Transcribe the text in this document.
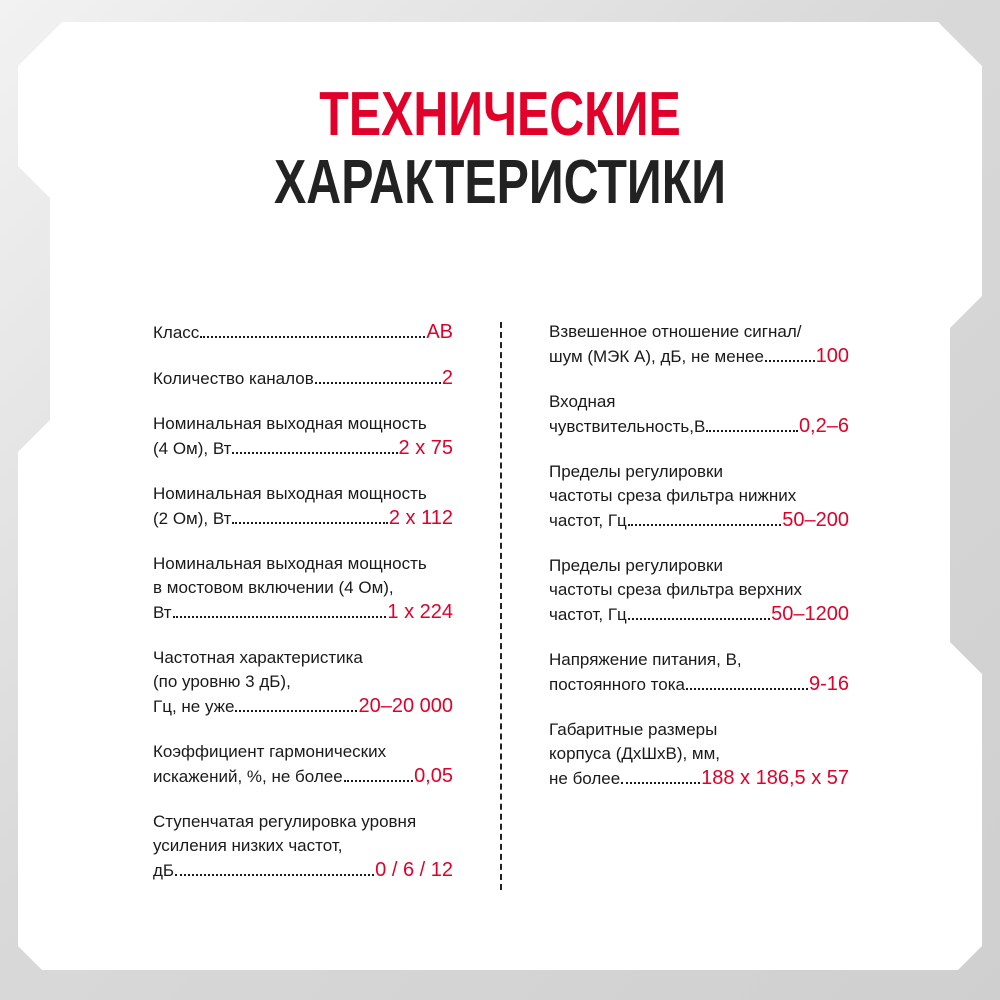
ТЕХНИЧЕСКИЕ
ХАРАКТЕРИСТИКИ
Класс	AB
Количество каналов	2
Номинальная выходная мощность
(4 Ом), Вт	2 x 75
Номинальная выходная мощность
(2 Ом), Вт	2 x 112
Номинальная выходная мощность
в мостовом включении (4 Ом),
Вт	1 x 224
Частотная характеристика
(по уровню 3 дБ),
Гц, не уже	20–20 000
Коэффициент гармонических
искажений, %, не более	0,05
Ступенчатая регулировка уровня
усиления низких частот,
дБ	0 / 6 / 12
Взвешенное отношение сигнал/
шум (МЭК А), дБ, не менее	100
Входная
чувствительность,В	0,2–6
Пределы регулировки
частоты среза фильтра нижних
частот, Гц	50–200
Пределы регулировки
частоты среза фильтра верхних
частот, Гц	50–1200
Напряжение питания, В,
постоянного тока	9-16
Габаритные размеры
корпуса (ДхШхВ), мм,
не более	188 х 186,5 х 57
